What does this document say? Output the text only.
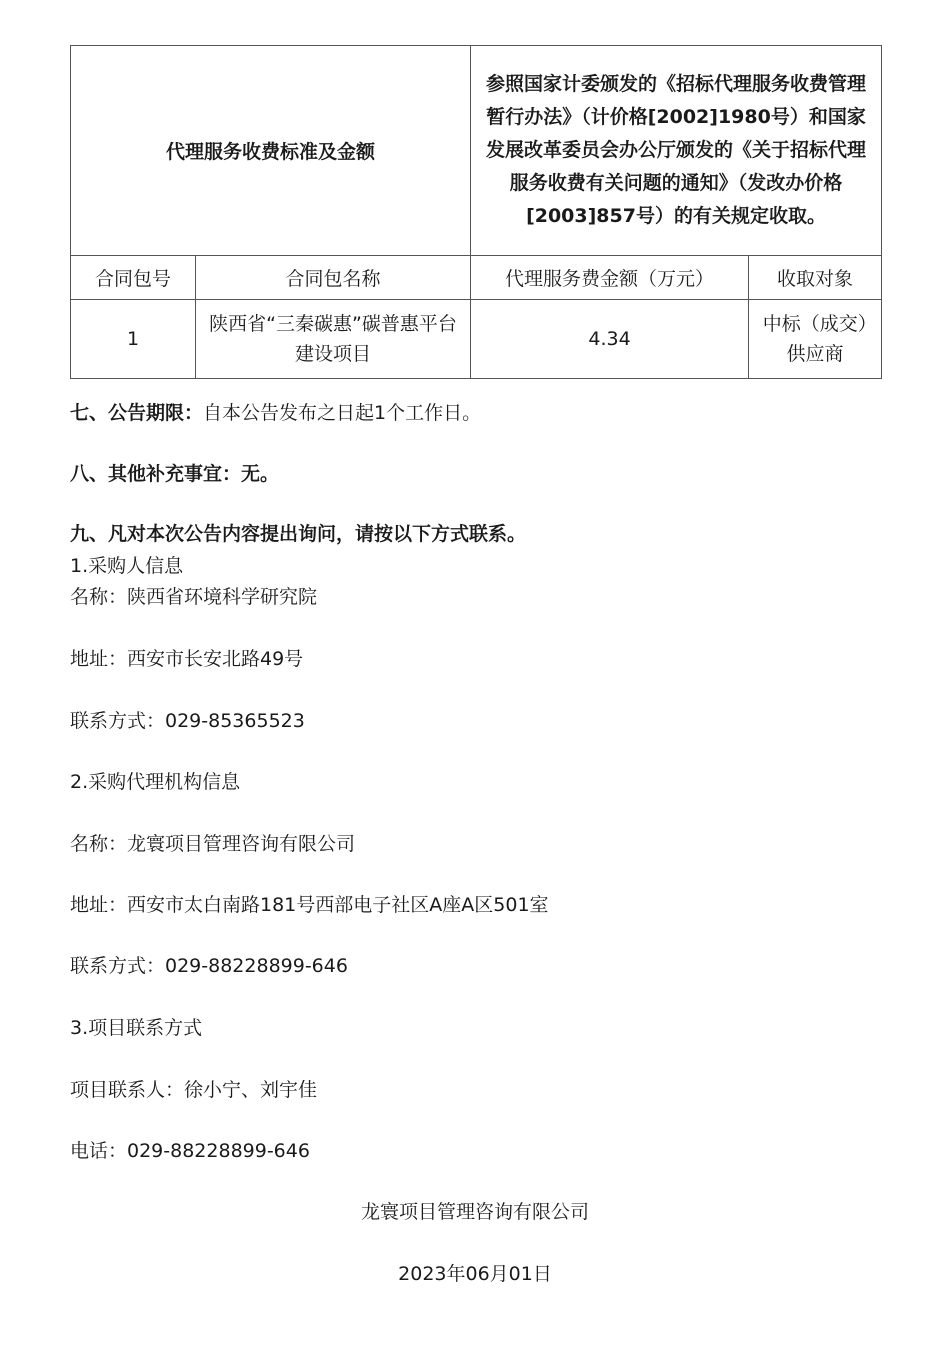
代理服务收费标准及金额		参照国家计委颁发的《招标代理服务收费管理暂行办法》（计价格[2002]1980号）和国家发展改革委员会办公厅颁发的《关于招标代理服务收费有关问题的通知》（发改办价格[2003]857号）的有关规定收取。	
合同包号	合同包名称	代理服务费金额（万元）	收取对象
1	陕西省“三秦碳惠”碳普惠平台建设项目	4.34	中标（成交）供应商
七、公告期限：自本公告发布之日起1个工作日。
八、其他补充事宜：无。
九、凡对本次公告内容提出询问，请按以下方式联系。
1.采购人信息
名称：陕西省环境科学研究院
地址：西安市长安北路49号
联系方式：029-85365523
2.采购代理机构信息
名称：龙寰项目管理咨询有限公司
地址：西安市太白南路181号西部电子社区A座A区501室
联系方式：029-88228899-646
3.项目联系方式
项目联系人：徐小宁、刘宇佳
电话：029-88228899-646
龙寰项目管理咨询有限公司
2023年06月01日
